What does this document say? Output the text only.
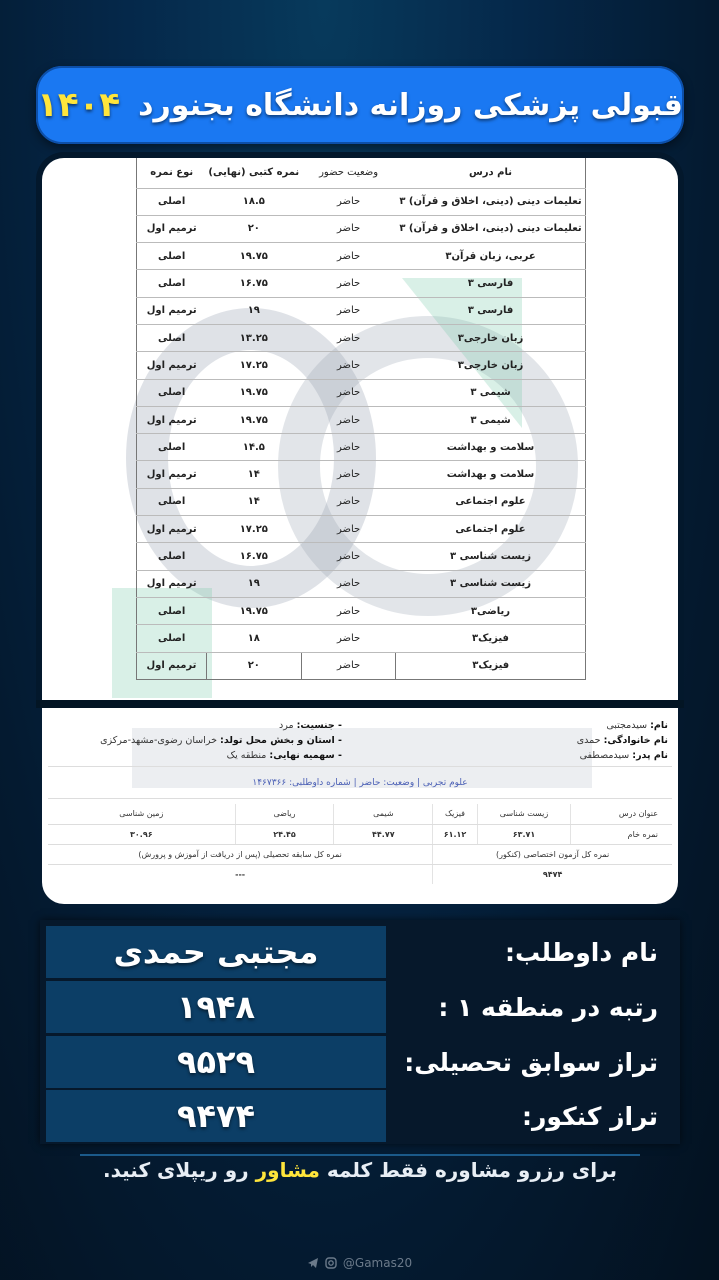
قبولی پزشکی روزانه دانشگاه بجنورد
۱۴۰۴
نام درس	وضعیت حضور	نمره کتبی (نهایی)	نوع نمره
تعلیمات دینی (دینی، اخلاق و قرآن) ۳	حاضر	۱۸.۵	اصلی
تعلیمات دینی (دینی، اخلاق و قرآن) ۳	حاضر	۲۰	ترمیم اول
عربی، زبان قرآن۳	حاضر	۱۹.۷۵	اصلی
فارسی ۳	حاضر	۱۶.۷۵	اصلی
فارسی ۳	حاضر	۱۹	ترمیم اول
زبان خارجی۳	حاضر	۱۳.۲۵	اصلی
زبان خارجی۳	حاضر	۱۷.۲۵	ترمیم اول
شیمی ۳	حاضر	۱۹.۷۵	اصلی
شیمی ۳	حاضر	۱۹.۷۵	ترمیم اول
سلامت و بهداشت	حاضر	۱۴.۵	اصلی
سلامت و بهداشت	حاضر	۱۴	ترمیم اول
علوم اجتماعی	حاضر	۱۴	اصلی
علوم اجتماعی	حاضر	۱۷.۲۵	ترمیم اول
زیست شناسی ۳	حاضر	۱۶.۷۵	اصلی
زیست شناسی ۳	حاضر	۱۹	ترمیم اول
ریاضی۳	حاضر	۱۹.۷۵	اصلی
فیزیک۳	حاضر	۱۸	اصلی
فیزیک۳	حاضر	۲۰	ترمیم اول
نام: سیدمجتبی
نام خانوادگی: حمدی
نام پدر: سیدمصطفی
- جنسیت: مرد
- استان و بخش محل تولد: خراسان رضوی-مشهد-مرکزی
- سهمیه نهایی: منطقه یک
علوم تجربی | وضعیت: حاضر | شماره داوطلبی: ۱۴۶۷۳۶۶
عنوان درس	زیست شناسی	فیزیک	شیمی	ریاضی	زمین شناسی
نمره خام	۶۳.۷۱	۶۱.۱۲	۴۴.۷۷	۲۴.۴۵	۳۰.۹۶
نمره کل آزمون اختصاصی (کنکور)			نمره کل سابقه تحصیلی (پس از دریافت از آموزش و پرورش)		
۹۴۷۴			---		
نام داوطلب:
مجتبی حمدی
رتبه در منطقه ۱ :
۱۹۴۸
تراز سوابق تحصیلی:
۹۵۲۹
تراز کنکور:
۹۴۷۴
برای رزرو مشاوره فقط کلمه مشاور رو ریپلای کنید.
@Gamas20
